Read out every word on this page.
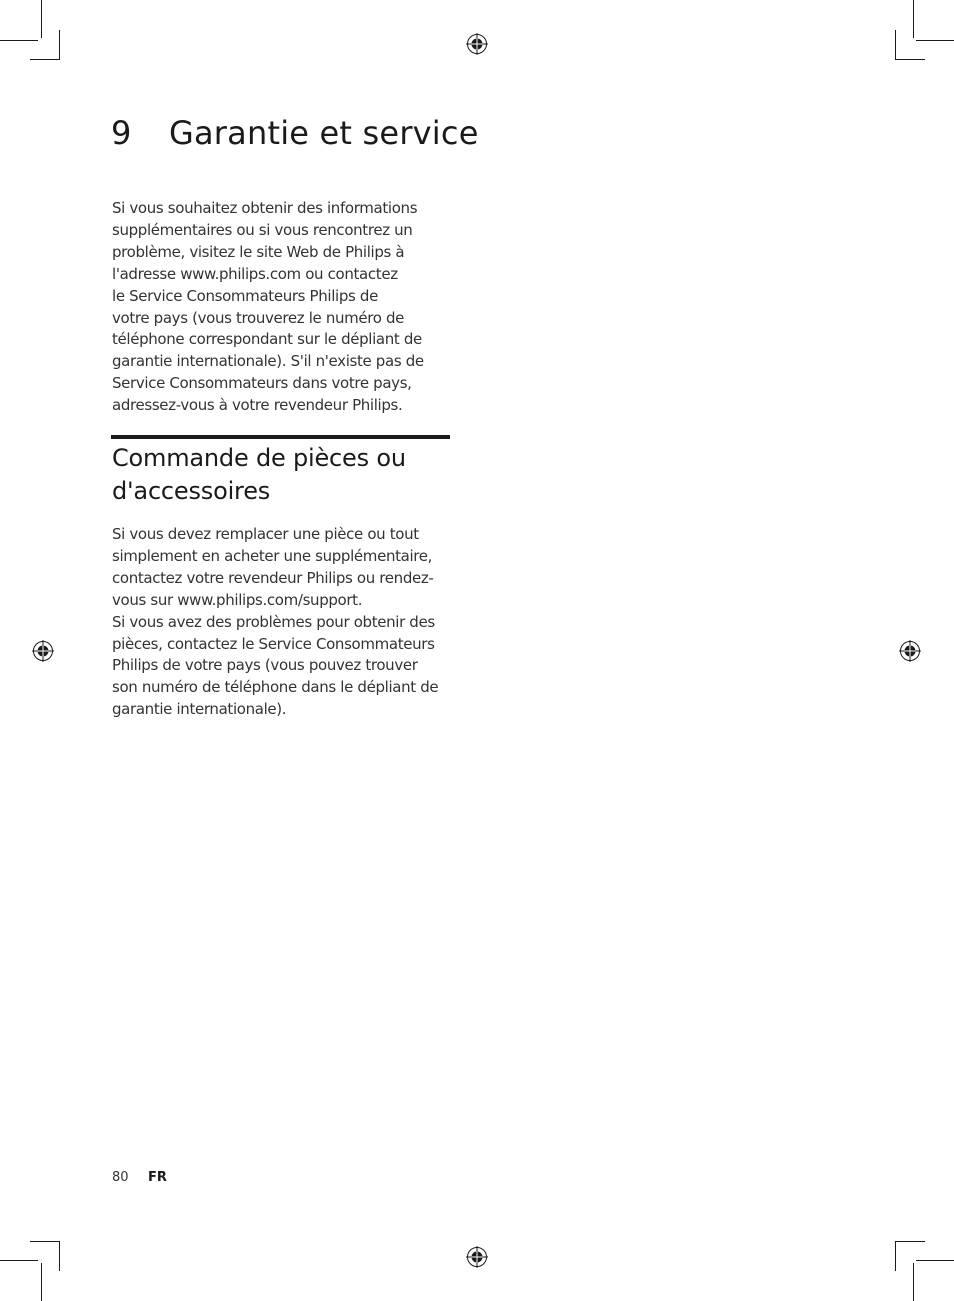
9 Garantie et service
Si vous souhaitez obtenir des informations
supplémentaires ou si vous rencontrez un
problème, visitez le site Web de Philips à
l'adresse www.philips.com ou contactez
le Service Consommateurs Philips de
votre pays (vous trouverez le numéro de
téléphone correspondant sur le dépliant de
garantie internationale). S'il n'existe pas de
Service Consommateurs dans votre pays,
adressez-vous à votre revendeur Philips.
Commande de pièces ou
d'accessoires
Si vous devez remplacer une pièce ou tout
simplement en acheter une supplémentaire,
contactez votre revendeur Philips ou rendez-
vous sur www.philips.com/support.
Si vous avez des problèmes pour obtenir des
pièces, contactez le Service Consommateurs
Philips de votre pays (vous pouvez trouver
son numéro de téléphone dans le dépliant de
garantie internationale).
80 FR
